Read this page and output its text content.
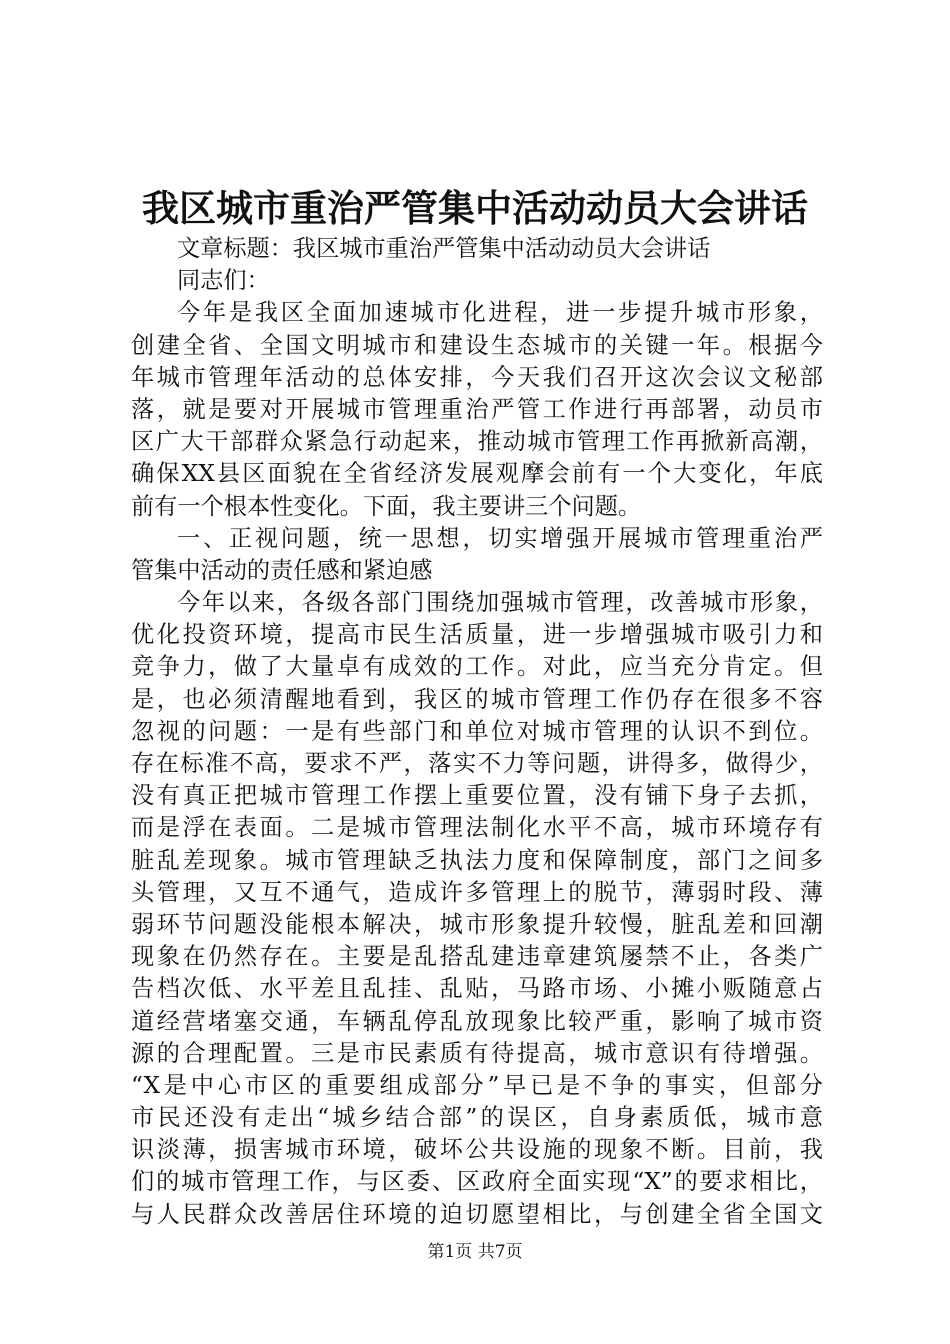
我区城市重治严管集中活动动员大会讲话
文章标题：我区城市重治严管集中活动动员大会讲话
同志们：
今年是我区全面加速城市化进程，进一步提升城市形象，
创建全省、全国文明城市和建设生态城市的关键一年。根据今
年城市管理年活动的总体安排，今天我们召开这次会议文秘部
落，就是要对开展城市管理重治严管工作进行再部署，动员市
区广大干部群众紧急行动起来，推动城市管理工作再掀新高潮，
确保XX县区面貌在全省经济发展观摩会前有一个大变化，年底
前有一个根本性变化。下面，我主要讲三个问题。
一、正视问题，统一思想，切实增强开展城市管理重治严
管集中活动的责任感和紧迫感
今年以来，各级各部门围绕加强城市管理，改善城市形象，
优化投资环境，提高市民生活质量，进一步增强城市吸引力和
竞争力，做了大量卓有成效的工作。对此，应当充分肯定。但
是，也必须清醒地看到，我区的城市管理工作仍存在很多不容
忽视的问题：一是有些部门和单位对城市管理的认识不到位。
存在标准不高，要求不严，落实不力等问题，讲得多，做得少，
没有真正把城市管理工作摆上重要位置，没有铺下身子去抓，
而是浮在表面。二是城市管理法制化水平不高，城市环境存有
脏乱差现象。城市管理缺乏执法力度和保障制度，部门之间多
头管理，又互不通气，造成许多管理上的脱节，薄弱时段、薄
弱环节问题没能根本解决，城市形象提升较慢，脏乱差和回潮
现象在仍然存在。主要是乱搭乱建违章建筑屡禁不止，各类广
告档次低、水平差且乱挂、乱贴，马路市场、小摊小贩随意占
道经营堵塞交通，车辆乱停乱放现象比较严重，影响了城市资
源的合理配置。三是市民素质有待提高，城市意识有待增强。
“X是中心市区的重要组成部分”早已是不争的事实，但部分
市民还没有走出“城乡结合部”的误区，自身素质低，城市意
识淡薄，损害城市环境，破坏公共设施的现象不断。目前，我
们的城市管理工作，与区委、区政府全面实现“X”的要求相比，
与人民群众改善居住环境的迫切愿望相比，与创建全省全国文
第1页 共7页
